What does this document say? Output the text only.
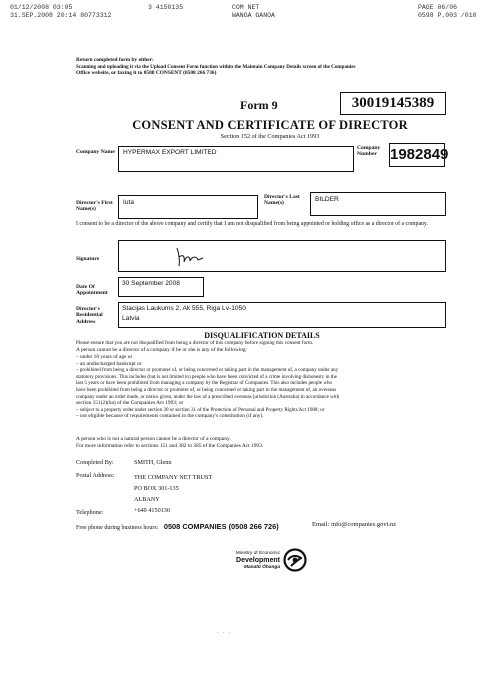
01/12/2008 03:05
31.SEP.2008 20:14 80773312
3 4150135	COM NET
WANGA GANOA
PAGE 06/06
0598 P.003 /010
Return completed form by either:
Scanning and uploading it via the Upload Consent Form function within the Maintain Company Details screen of the Companies
Office website, or faxing it to 0508 CONSENT (0508 266 736)
Form 9	30019145389
CONSENT AND CERTIFICATE OF DIRECTOR
Section 152 of the Companies Act 1993
Company Name HYPERMAX EXPORT LIMITED
Company Number 1982849
Director's First Name(s)
Iuta
Director's Last Name(s)
BILDER
I consent to be a director of the above company and certify that I am not disqualified from being appointed or holding office as a director of a company.
Signature
Date Of Appointment
30 September 2008
Director's Residential Address
Stacijas Laukums 2, Ak 555, Riga Lv-1050
Latvia
DISQUALIFICATION DETAILS
Please ensure that you are not disqualified from being a director of this company before signing this consent form.
A person cannot be a director of a company if he or she is any of the following:
– under 18 years of age or
– an undischarged bankrupt or
– prohibited from being a director or promoter of, or being concerned or taking part in the management of, a company under any
statutory provisions. This includes (but is not limited to) people who have been convicted of a crime involving dishonesty in the
last 5 years or have been prohibited from managing a company by the Registrar of Companies. This also includes people who
have been prohibited from being a director or promoter of, or being concerned or taking part in the management of, an overseas
company under an order made, or notice given, under the law of a prescribed overseas jurisdiction (Australia) in accordance with
section 151(2)(ba) of the Companies Act 1993; or
– subject to a property order under section 30 or section 31 of the Protection of Personal and Property Rights Act 1988; or
– not eligible because of requirements contained in the company's constitution (if any).
A person who is not a natural person cannot be a director of a company.
For more information refer to sections 151 and 382 to 385 of the Companies Act 1993.
Completed By:	SMITH, Glenn
Postal Address:	THE COMPANY NET TRUST
PO BOX 301-135
ALBANY
Telephone:	+649 4150130
Free phone during business hours: 0508 COMPANIES (0508 266 726)	Email: info@companies.govt.nz
Ministry of Economic
Development
Manatū Ōhanga
· · ·
